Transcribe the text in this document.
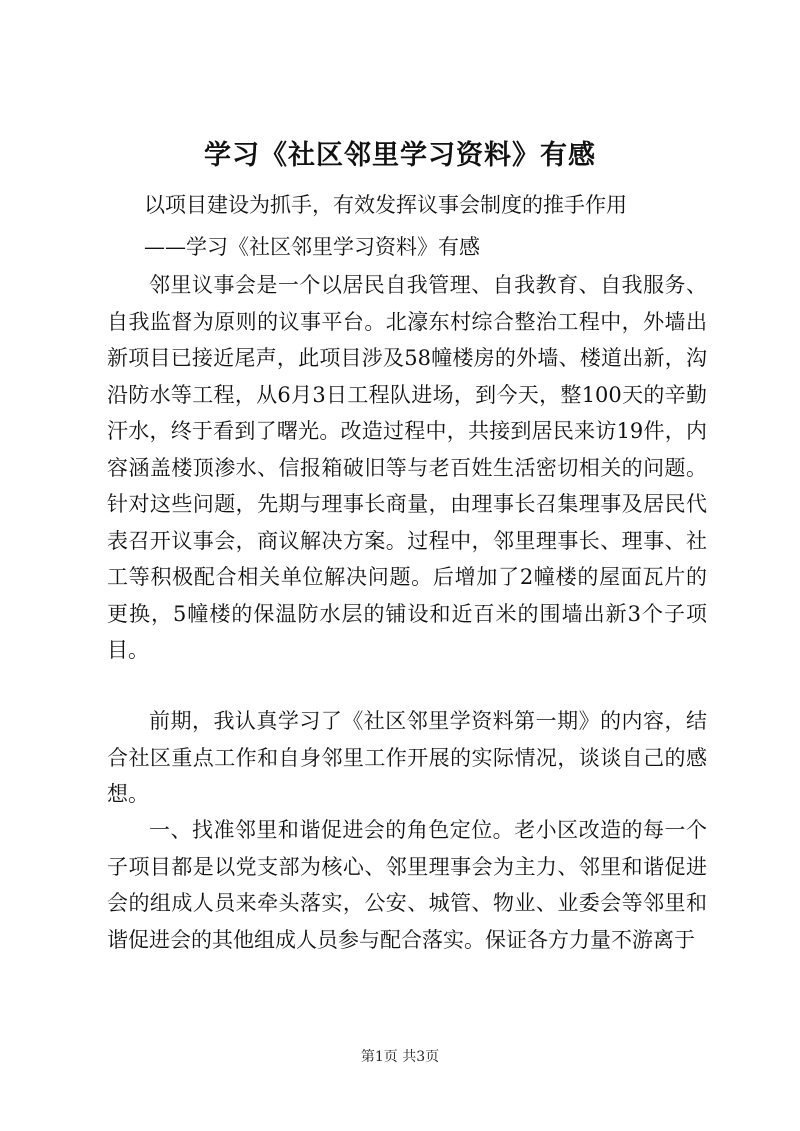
学习《社区邻里学习资料》有感
以项目建设为抓手，有效发挥议事会制度的推手作用
——学习《社区邻里学习资料》有感

邻里议事会是一个以居民自我管理、自我教育、自我服务、自我监督为原则的议事平台。北濠东村综合整治工程中，外墙出新项目已接近尾声，此项目涉及58幢楼房的外墙、楼道出新，沟沿防水等工程，从6月3日工程队进场，到今天，整100天的辛勤汗水，终于看到了曙光。改造过程中，共接到居民来访19件，内容涵盖楼顶渗水、信报箱破旧等与老百姓生活密切相关的问题。针对这些问题，先期与理事长商量，由理事长召集理事及居民代表召开议事会，商议解决方案。过程中，邻里理事长、理事、社工等积极配合相关单位解决问题。后增加了2幢楼的屋面瓦片的更换，5幢楼的保温防水层的铺设和近百米的围墙出新3个子项目。

前期，我认真学习了《社区邻里学资料第一期》的内容，结合社区重点工作和自身邻里工作开展的实际情况，谈谈自己的感想。

一、找准邻里和谐促进会的角色定位。老小区改造的每一个子项目都是以党支部为核心、邻里理事会为主力、邻里和谐促进会的组成人员来牵头落实，公安、城管、物业、业委会等邻里和谐促进会的其他组成人员参与配合落实。保证各方力量不游离于

第1页 共3页
